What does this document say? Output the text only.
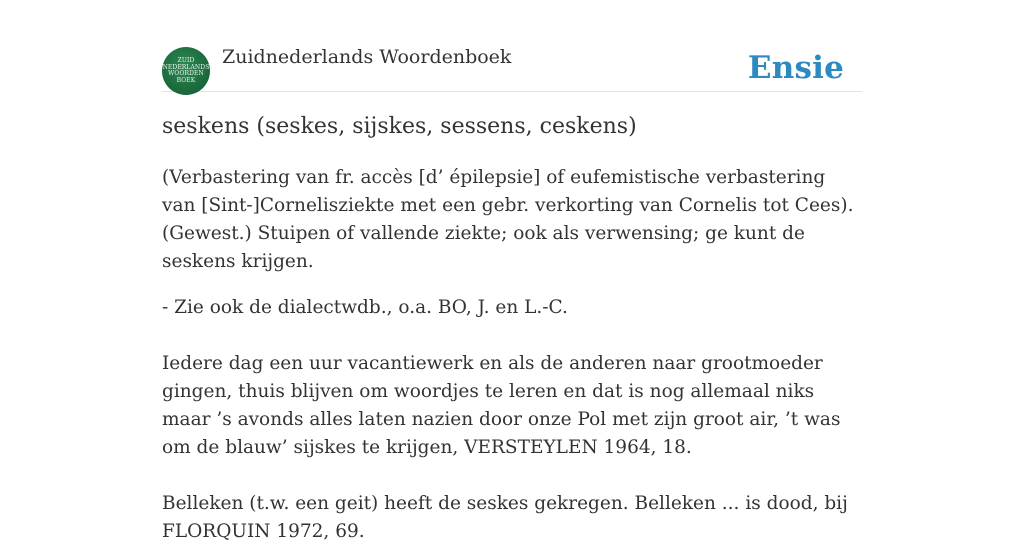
ZUID
NEDERLANDS
WOORDEN
BOEK
Zuidnederlands Woordenboek	Ensie
seskens (seskes, sijskes, sessens, ceskens)

(Verbastering van fr. accès [d’ épilepsie] of eufemistische verbastering van [Sint-]Cornelisziekte met een gebr. verkorting van Cornelis tot Cees). (Gewest.) Stuipen of vallende ziekte; ook als verwensing; ge kunt de seskens krijgen.

- Zie ook de dialectwdb., o.a. BO, J. en L.-C.

Iedere dag een uur vacantiewerk en als de anderen naar grootmoeder gingen, thuis blijven om woordjes te leren en dat is nog allemaal niks maar ’s avonds alles laten nazien door onze Pol met zijn groot air, ’t was om de blauw’ sijskes te krijgen, VERSTEYLEN 1964, 18.

Belleken (t.w. een geit) heeft de seskes gekregen. Belleken ... is dood, bij FLORQUIN 1972, 69.
